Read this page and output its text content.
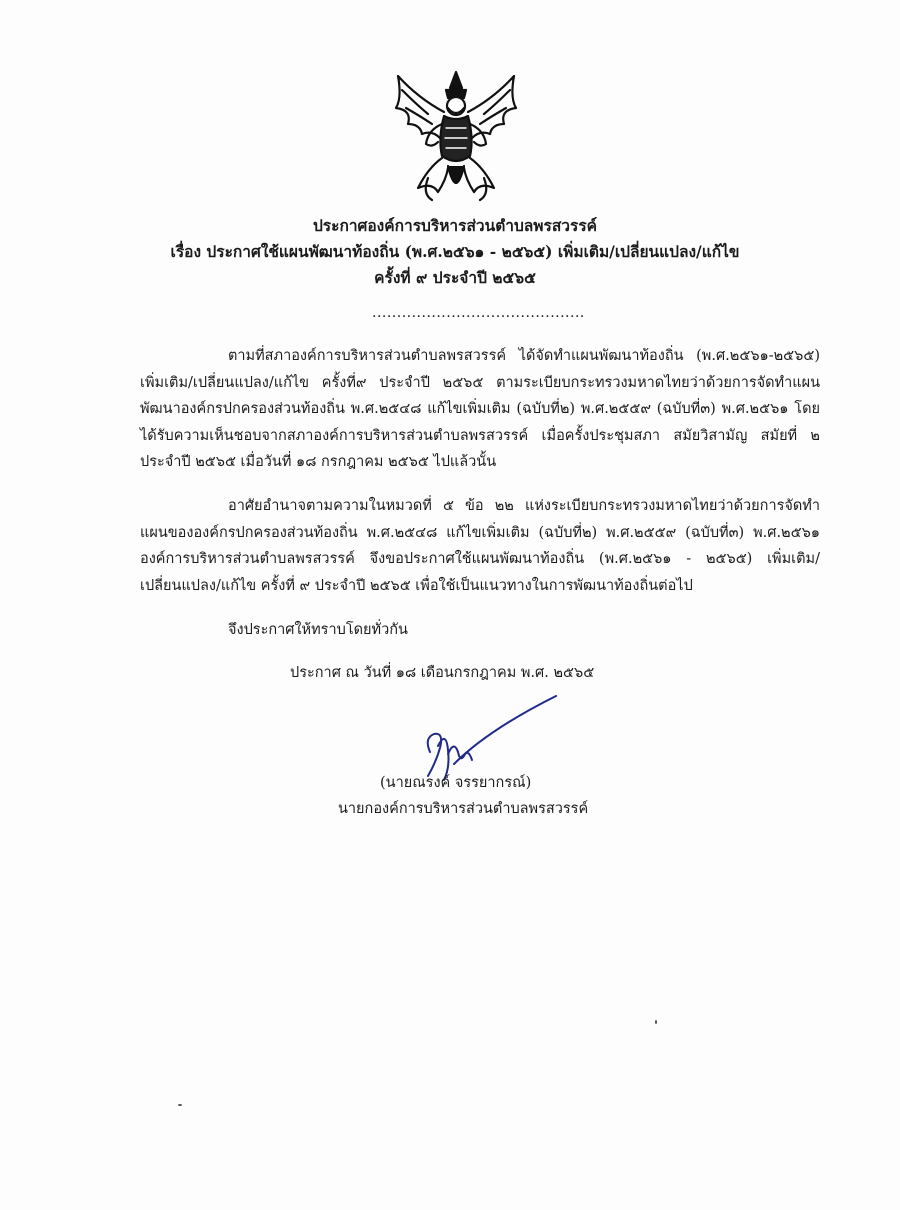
ประกาศองค์การบริหารส่วนตำบลพรสวรรค์
เรื่อง ประกาศใช้แผนพัฒนาท้องถิ่น (พ.ศ.๒๕๖๑ - ๒๕๖๕) เพิ่มเติม/เปลี่ยนแปลง/แก้ไข
ครั้งที่ ๙ ประจำปี ๒๕๖๕
...........................................
ตามที่สภาองค์การบริหารส่วนตำบลพรสวรรค์ ได้จัดทำแผนพัฒนาท้องถิ่น (พ.ศ.๒๕๖๑-๒๕๖๕) เพิ่มเติม/เปลี่ยนแปลง/แก้ไข ครั้งที่๙ ประจำปี ๒๕๖๕ ตามระเบียบกระทรวงมหาดไทยว่าด้วยการจัดทำแผนพัฒนาองค์กรปกครองส่วนท้องถิ่น พ.ศ.๒๕๔๘ แก้ไขเพิ่มเติม (ฉบับที่๒) พ.ศ.๒๕๕๙ (ฉบับที่๓) พ.ศ.๒๕๖๑ โดยได้รับความเห็นชอบจากสภาองค์การบริหารส่วนตำบลพรสวรรค์ เมื่อครั้งประชุมสภา สมัยวิสามัญ สมัยที่ ๒ ประจำปี ๒๕๖๕ เมื่อวันที่ ๑๘ กรกฎาคม ๒๕๖๕ ไปแล้วนั้น
อาศัยอำนาจตามความในหมวดที่ ๕ ข้อ ๒๒ แห่งระเบียบกระทรวงมหาดไทยว่าด้วยการจัดทำแผนขององค์กรปกครองส่วนท้องถิ่น พ.ศ.๒๕๔๘ แก้ไขเพิ่มเติม (ฉบับที่๒) พ.ศ.๒๕๕๙ (ฉบับที่๓) พ.ศ.๒๕๖๑ องค์การบริหารส่วนตำบลพรสวรรค์ จึงขอประกาศใช้แผนพัฒนาท้องถิ่น (พ.ศ.๒๕๖๑ - ๒๕๖๕) เพิ่มเติม/เปลี่ยนแปลง/แก้ไข ครั้งที่ ๙ ประจำปี ๒๕๖๕ เพื่อใช้เป็นแนวทางในการพัฒนาท้องถิ่นต่อไป
จึงประกาศให้ทราบโดยทั่วกัน
ประกาศ ณ วันที่ ๑๘ เดือนกรกฎาคม พ.ศ. ๒๕๖๕
(นายณรงค์ จรรยากรณ์)
นายกองค์การบริหารส่วนตำบลพรสวรรค์
